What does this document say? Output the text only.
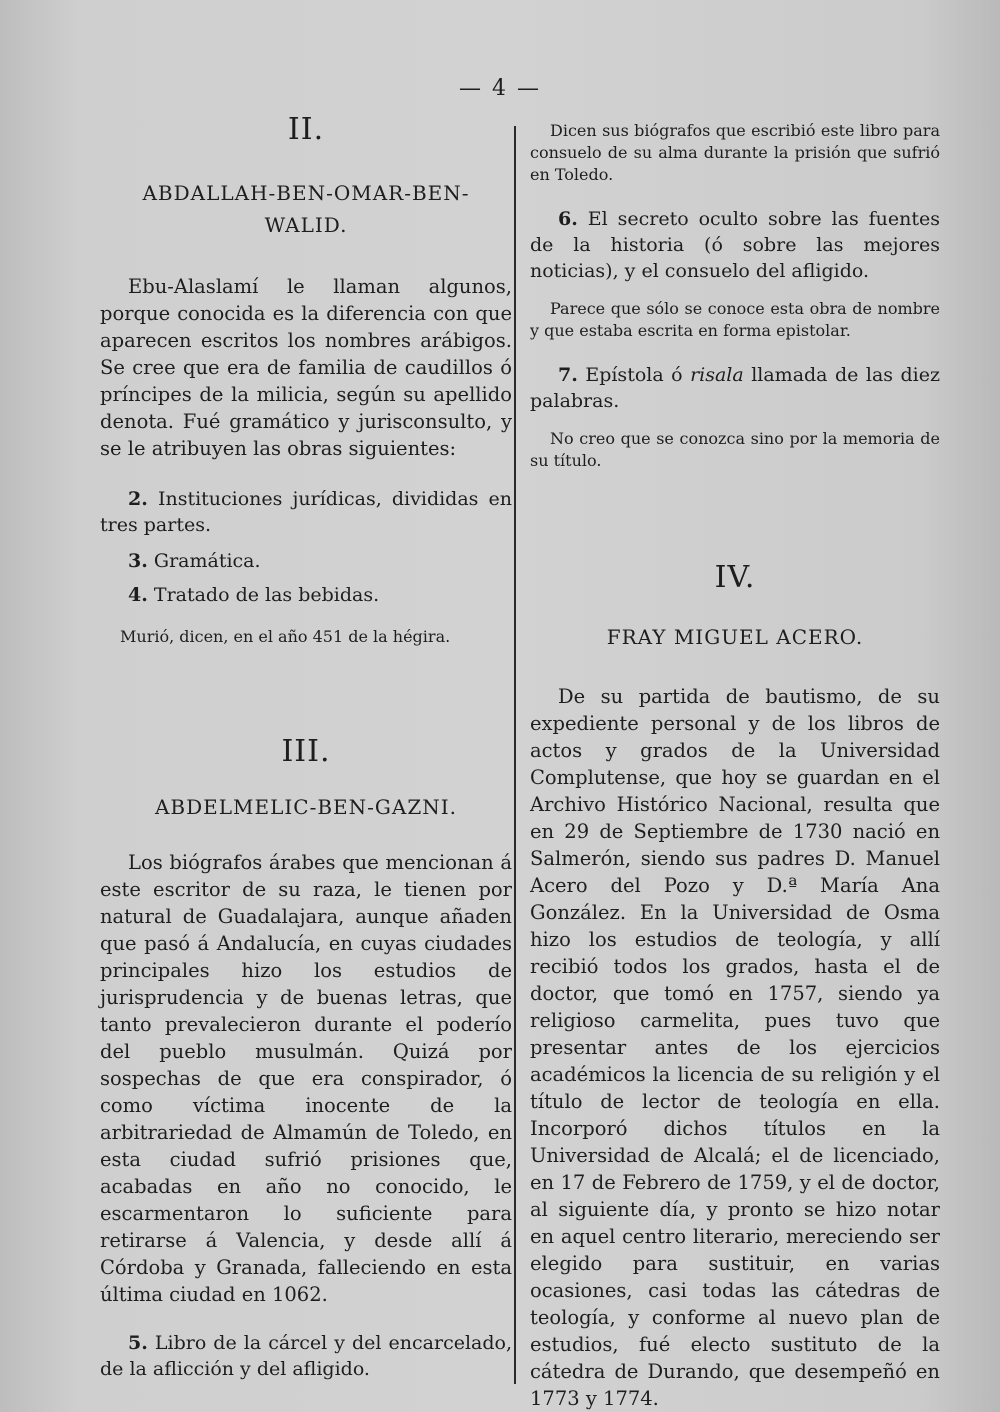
— 4 —

II.

ABDALLAH-BEN-OMAR-BEN-

WALID.

Ebu-Alaslamí le llaman algunos, porque conocida es la diferencia con que aparecen escritos los nombres arábigos. Se cree que era de familia de caudillos ó príncipes de la milicia, según su apellido denota. Fué gramático y jurisconsulto, y se le atribuyen las obras siguientes:

2. Instituciones jurídicas, divididas en tres partes.

3. Gramática.

4. Tratado de las bebidas.

Murió, dicen, en el año 451 de la hégira.

III.

ABDELMELIC-BEN-GAZNI.

Los biógrafos árabes que mencionan á este escritor de su raza, le tienen por natural de Guadalajara, aunque añaden que pasó á Andalucía, en cuyas ciudades principales hizo los estudios de jurisprudencia y de buenas letras, que tanto prevalecieron durante el poderío del pueblo musulmán. Quizá por sospechas de que era conspirador, ó como víctima inocente de la arbitrariedad de Almamún de Toledo, en esta ciudad sufrió prisiones que, acabadas en año no conocido, le escarmentaron lo suficiente para retirarse á Valencia, y desde allí á Córdoba y Granada, falleciendo en esta última ciudad en 1062.

5. Libro de la cárcel y del encarcelado, de la aflicción y del afligido.

Dicen sus biógrafos que escribió este libro para consuelo de su alma durante la prisión que sufrió en Toledo.

6. El secreto oculto sobre las fuentes de la historia (ó sobre las mejores noticias), y el consuelo del afligido.

Parece que sólo se conoce esta obra de nombre y que estaba escrita en forma epistolar.

7. Epístola ó risala llamada de las diez palabras.

No creo que se conozca sino por la memoria de su título.

IV.

FRAY MIGUEL ACERO.

De su partida de bautismo, de su expediente personal y de los libros de actos y grados de la Universidad Complutense, que hoy se guardan en el Archivo Histórico Nacional, resulta que en 29 de Septiembre de 1730 nació en Salmerón, siendo sus padres D. Manuel Acero del Pozo y D.ª María Ana González. En la Universidad de Osma hizo los estudios de teología, y allí recibió todos los grados, hasta el de doctor, que tomó en 1757, siendo ya religioso carmelita, pues tuvo que presentar antes de los ejercicios académicos la licencia de su religión y el título de lector de teología en ella. Incorporó dichos títulos en la Universidad de Alcalá; el de licenciado, en 17 de Febrero de 1759, y el de doctor, al siguiente día, y pronto se hizo notar en aquel centro literario, mereciendo ser elegido para sustituir, en varias ocasiones, casi todas las cátedras de teología, y conforme al nuevo plan de estudios, fué electo sustituto de la cátedra de Durando, que desempeñó en 1773 y 1774.
